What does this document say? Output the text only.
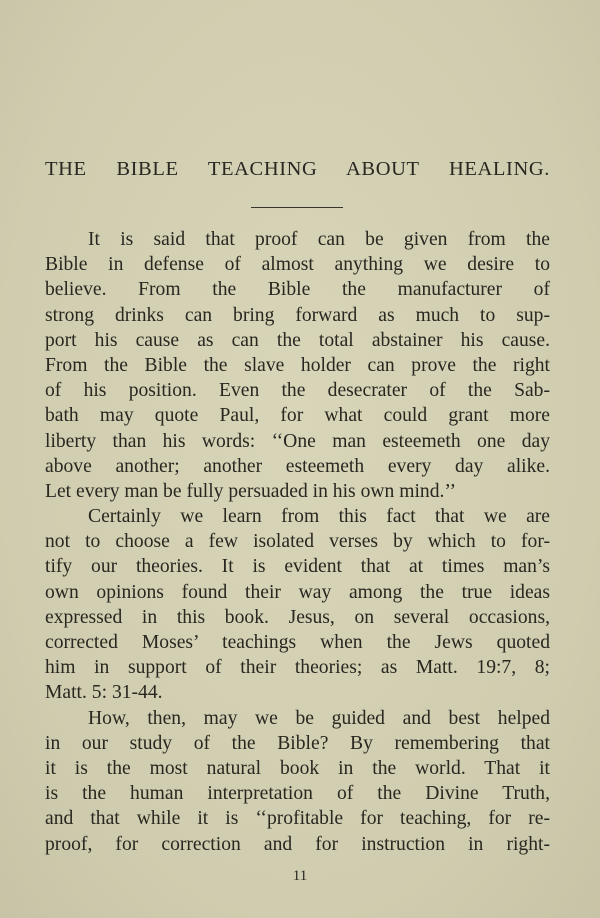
THE BIBLE TEACHING ABOUT HEALING.
It is said that proof can be given from the
Bible in defense of almost anything we desire to
believe. From the Bible the manufacturer of
strong drinks can bring forward as much to sup-
port his cause as can the total abstainer his cause.
From the Bible the slave holder can prove the right
of his position. Even the desecrater of the Sab-
bath may quote Paul, for what could grant more
liberty than his words: ‘‘One man esteemeth one day
above another; another esteemeth every day alike.
Let every man be fully persuaded in his own mind.’’
Certainly we learn from this fact that we are
not to choose a few isolated verses by which to for-
tify our theories. It is evident that at times man’s
own opinions found their way among the true ideas
expressed in this book. Jesus, on several occasions,
corrected Moses’ teachings when the Jews quoted
him in support of their theories; as Matt. 19:7, 8;
Matt. 5: 31-44.
How, then, may we be guided and best helped
in our study of the Bible? By remembering that
it is the most natural book in the world. That it
is the human interpretation of the Divine Truth,
and that while it is ‘‘profitable for teaching, for re-
proof, for correction and for instruction in right-
11
